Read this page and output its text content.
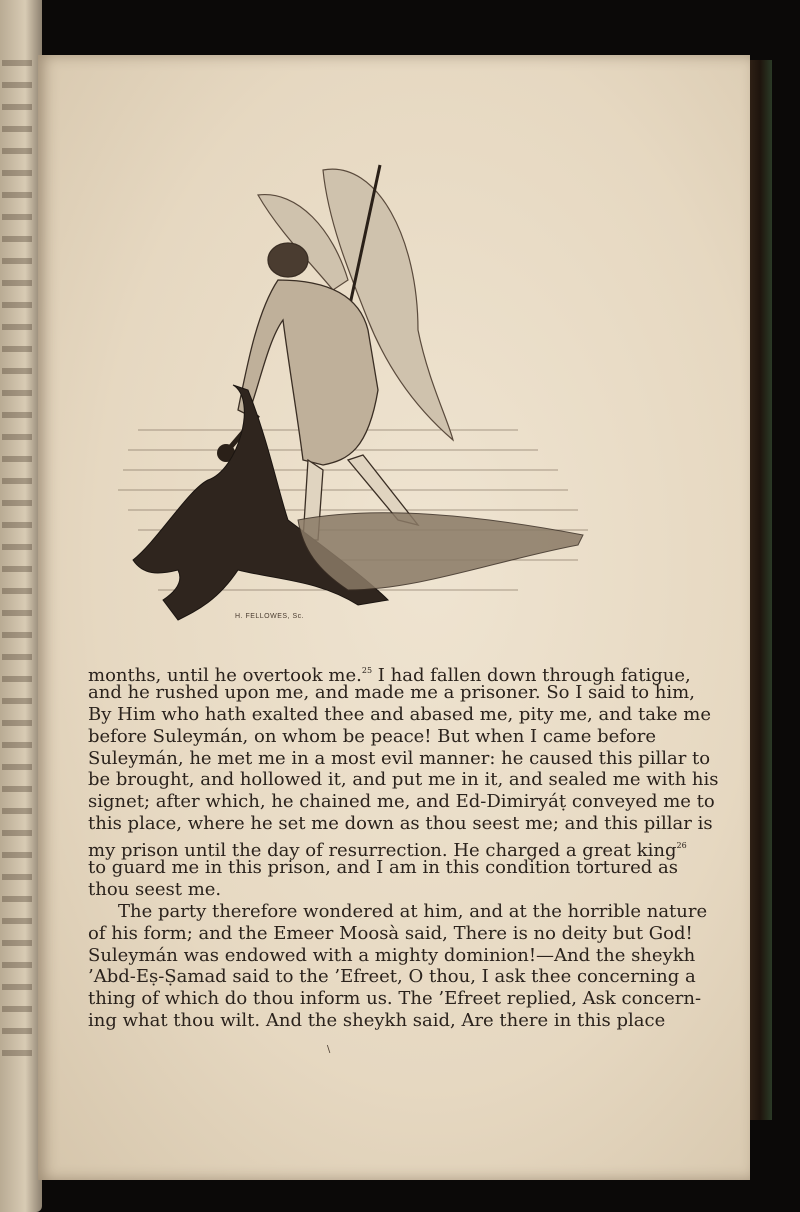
H. FELLOWES, Sc.
months, until he overtook me.$^{25}$ I had fallen down through fatigue,
and he rushed upon me, and made me a prisoner. So I said to him,
By Him who hath exalted thee and abased me, pity me, and take me
before Suleymán, on whom be peace! But when I came before
Suleymán, he met me in a most evil manner: he caused this pillar to
be brought, and hollowed it, and put me in it, and sealed me with his
signet; after which, he chained me, and Ed-Dimiryáṭ conveyed me to
this place, where he set me down as thou seest me; and this pillar is
my prison until the day of resurrection. He charged a great king$^{26}$
to guard me in this prison, and I am in this condition tortured as
thou seest me.
The party therefore wondered at him, and at the horrible nature
of his form; and the Emeer Moosà said, There is no deity but God!
Suleymán was endowed with a mighty dominion!—And the sheykh
’Abd-Eṣ-Ṣamad said to the ’Efreet, O thou, I ask thee concerning a
thing of which do thou inform us. The ’Efreet replied, Ask concern-
ing what thou wilt. And the sheykh said, Are there in this place
∖
